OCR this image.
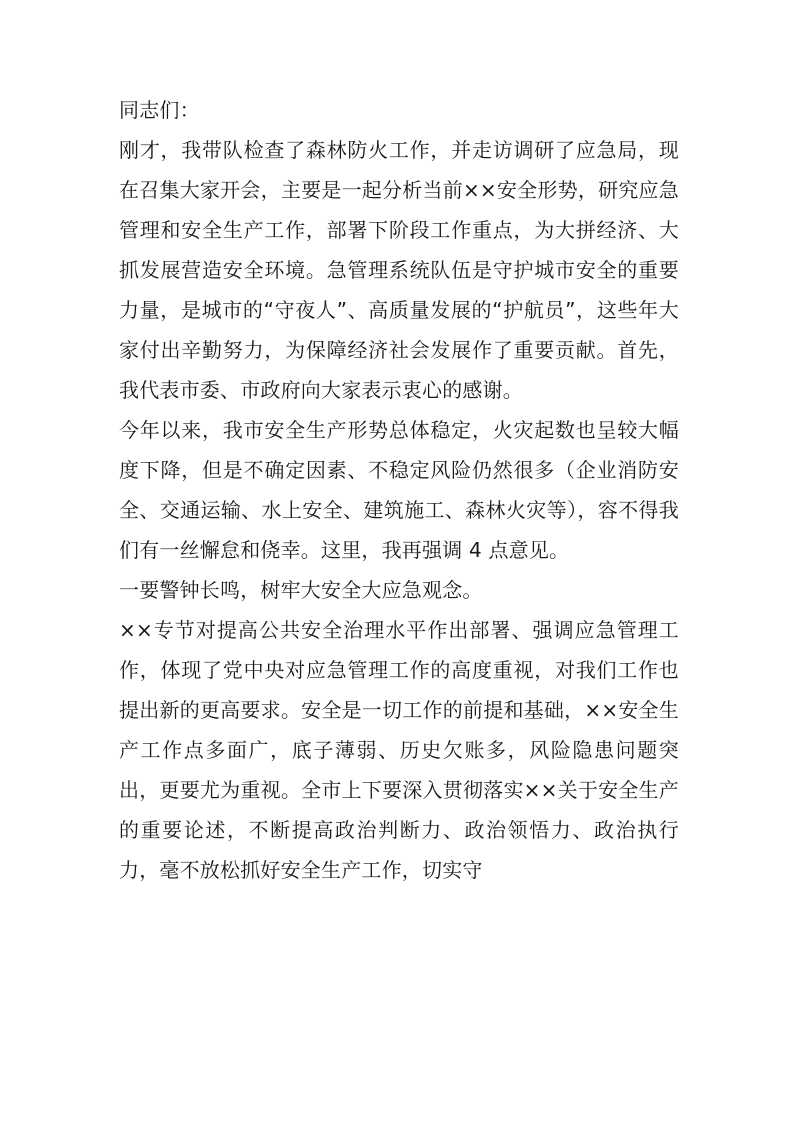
同志们：

刚才，我带队检查了森林防火工作，并走访调研了应急局，现在召集大家开会，主要是一起分析当前××安全形势，研究应急管理和安全生产工作，部署下阶段工作重点，为大拼经济、大抓发展营造安全环境。急管理系统队伍是守护城市安全的重要力量，是城市的“守夜人”、高质量发展的“护航员”，这些年大家付出辛勤努力，为保障经济社会发展作了重要贡献。首先，我代表市委、市政府向大家表示衷心的感谢。

今年以来，我市安全生产形势总体稳定，火灾起数也呈较大幅度下降，但是不确定因素、不稳定风险仍然很多（企业消防安全、交通运输、水上安全、建筑施工、森林火灾等），容不得我们有一丝懈怠和侥幸。这里，我再强调 4 点意见。

一要警钟长鸣，树牢大安全大应急观念。

××专节对提高公共安全治理水平作出部署、强调应急管理工作，体现了党中央对应急管理工作的高度重视，对我们工作也提出新的更高要求。安全是一切工作的前提和基础，××安全生产工作点多面广，底子薄弱、历史欠账多，风险隐患问题突出，更要尤为重视。全市上下要深入贯彻落实××关于安全生产的重要论述，不断提高政治判断力、政治领悟力、政治执行力，毫不放松抓好安全生产工作，切实守
